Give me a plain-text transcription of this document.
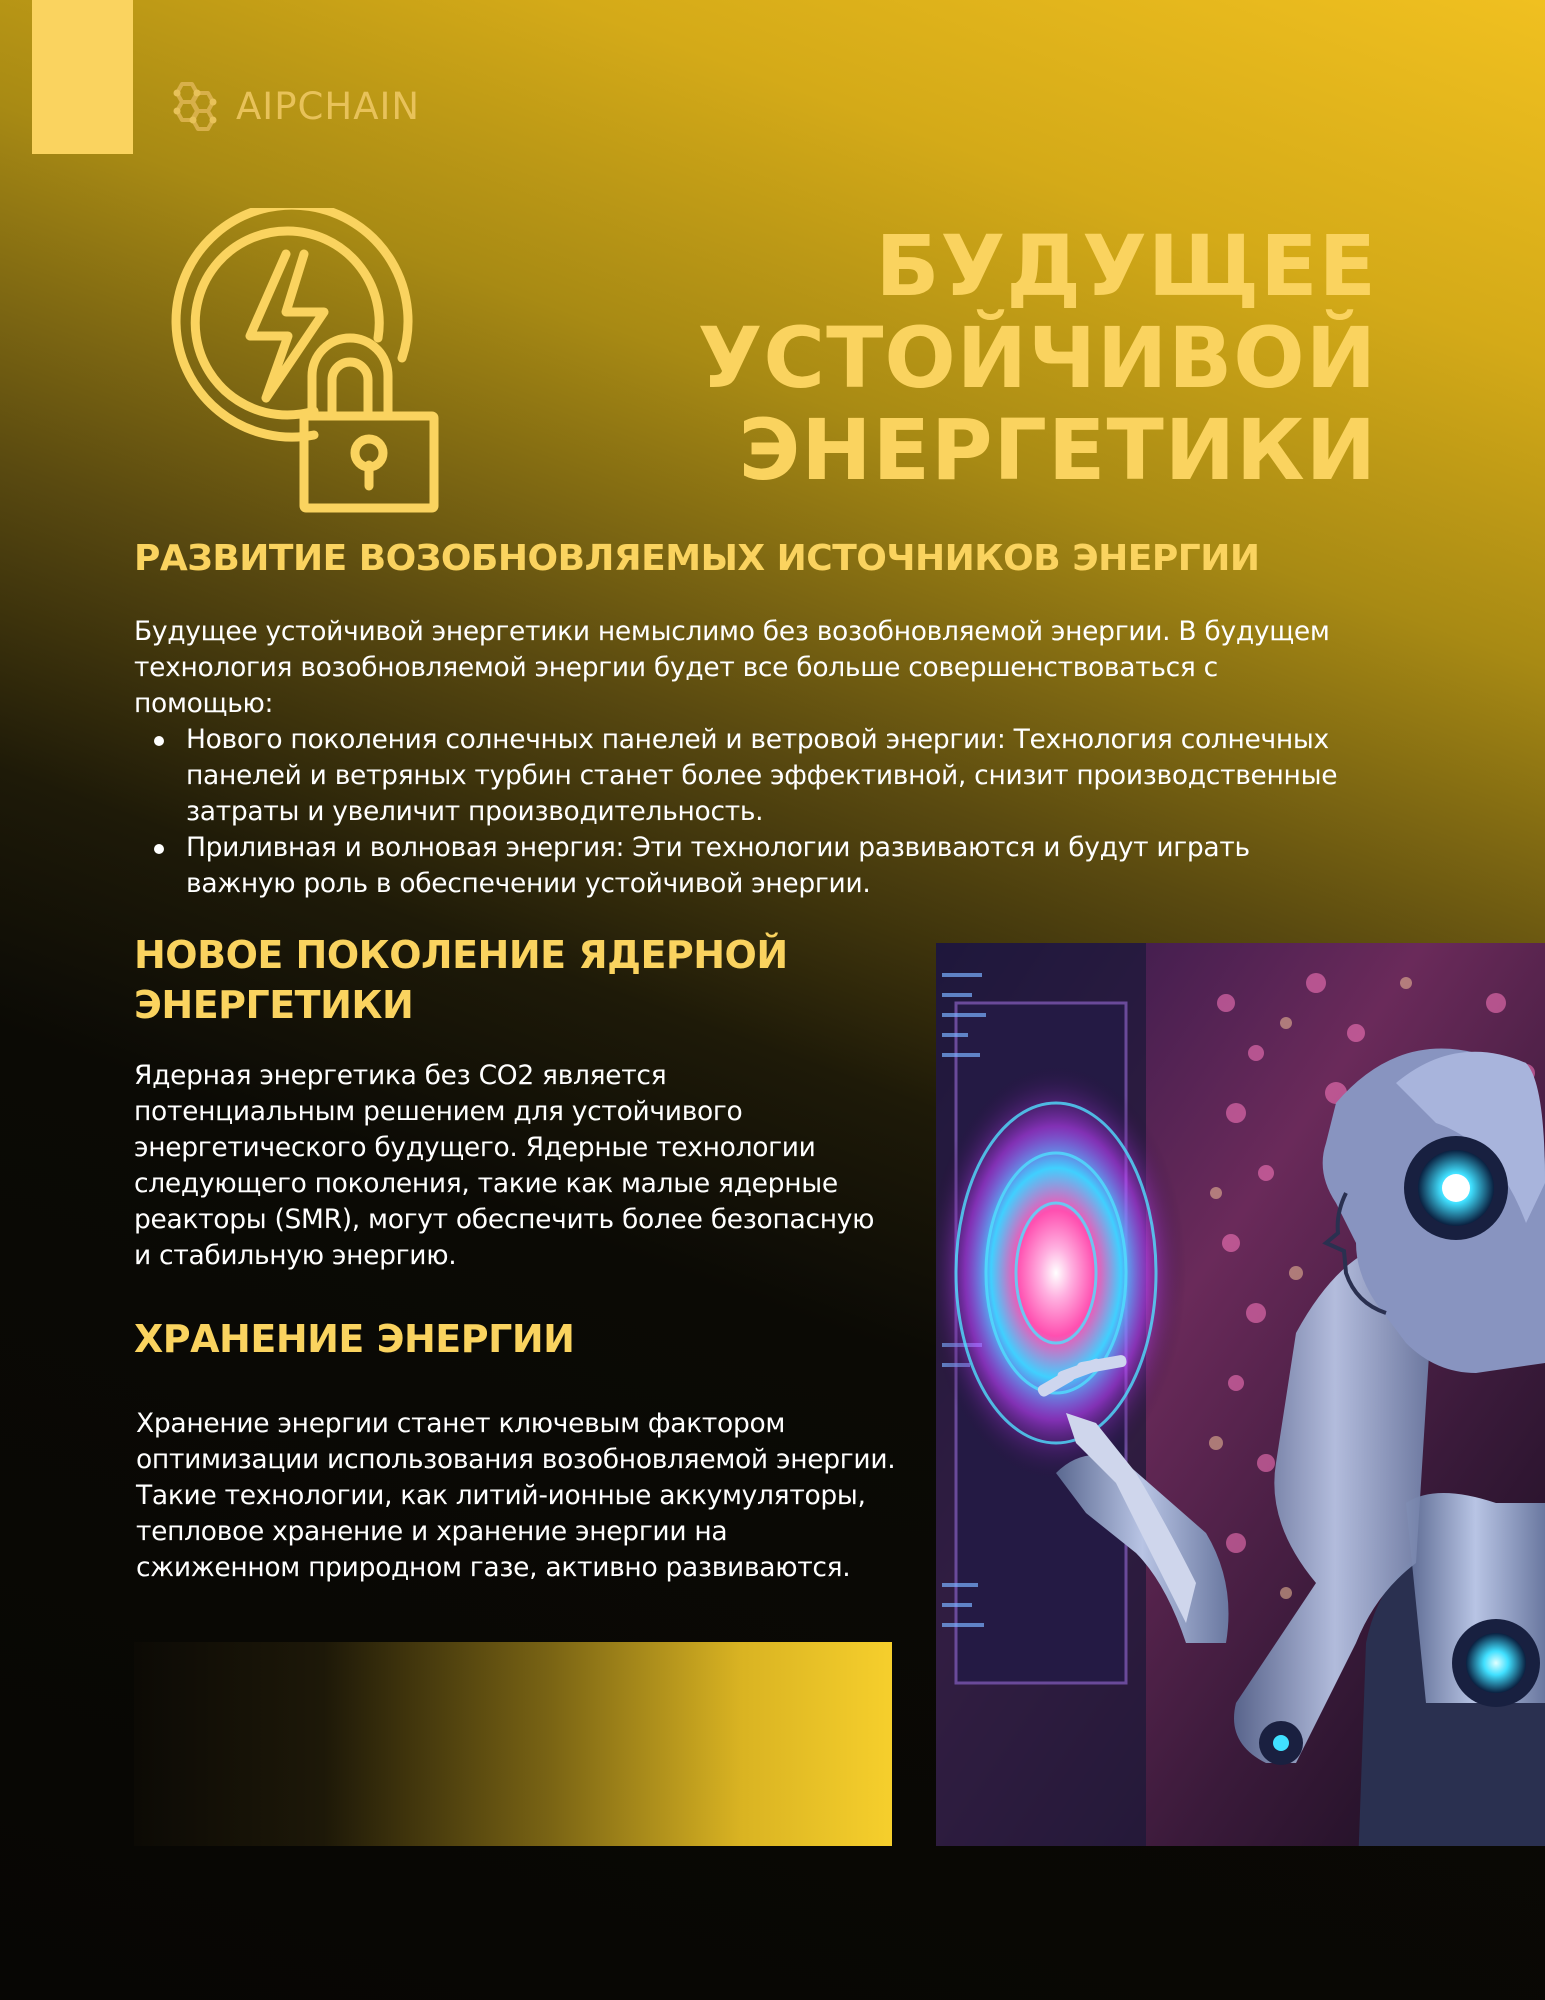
AIPCHAIN
БУДУЩЕЕ
УСТОЙЧИВОЙ
ЭНЕРГЕТИКИ
РАЗВИТИЕ ВОЗОБНОВЛЯЕМЫХ ИСТОЧНИКОВ ЭНЕРГИИ

Будущее устойчивой энергетики немыслимо без возобновляемой энергии. В будущем технология возобновляемой энергии будет все больше совершенствоваться с помощью:

Нового поколения солнечных панелей и ветровой энергии: Технология солнечных панелей и ветряных турбин станет более эффективной, снизит производственные затраты и увеличит производительность.
Приливная и волновая энергия: Эти технологии развиваются и будут играть важную роль в обеспечении устойчивой энергии.
НОВОЕ ПОКОЛЕНИЕ ЯДЕРНОЙ ЭНЕРГЕТИКИ

Ядерная энергетика без CO2 является потенциальным решением для устойчивого энергетического будущего. Ядерные технологии следующего поколения, такие как малые ядерные реакторы (SMR), могут обеспечить более безопасную и стабильную энергию.

ХРАНЕНИЕ ЭНЕРГИИ

Хранение энергии станет ключевым фактором оптимизации использования возобновляемой энергии. Такие технологии, как литий-ионные аккумуляторы, тепловое хранение и хранение энергии на сжиженном природном газе, активно развиваются.
